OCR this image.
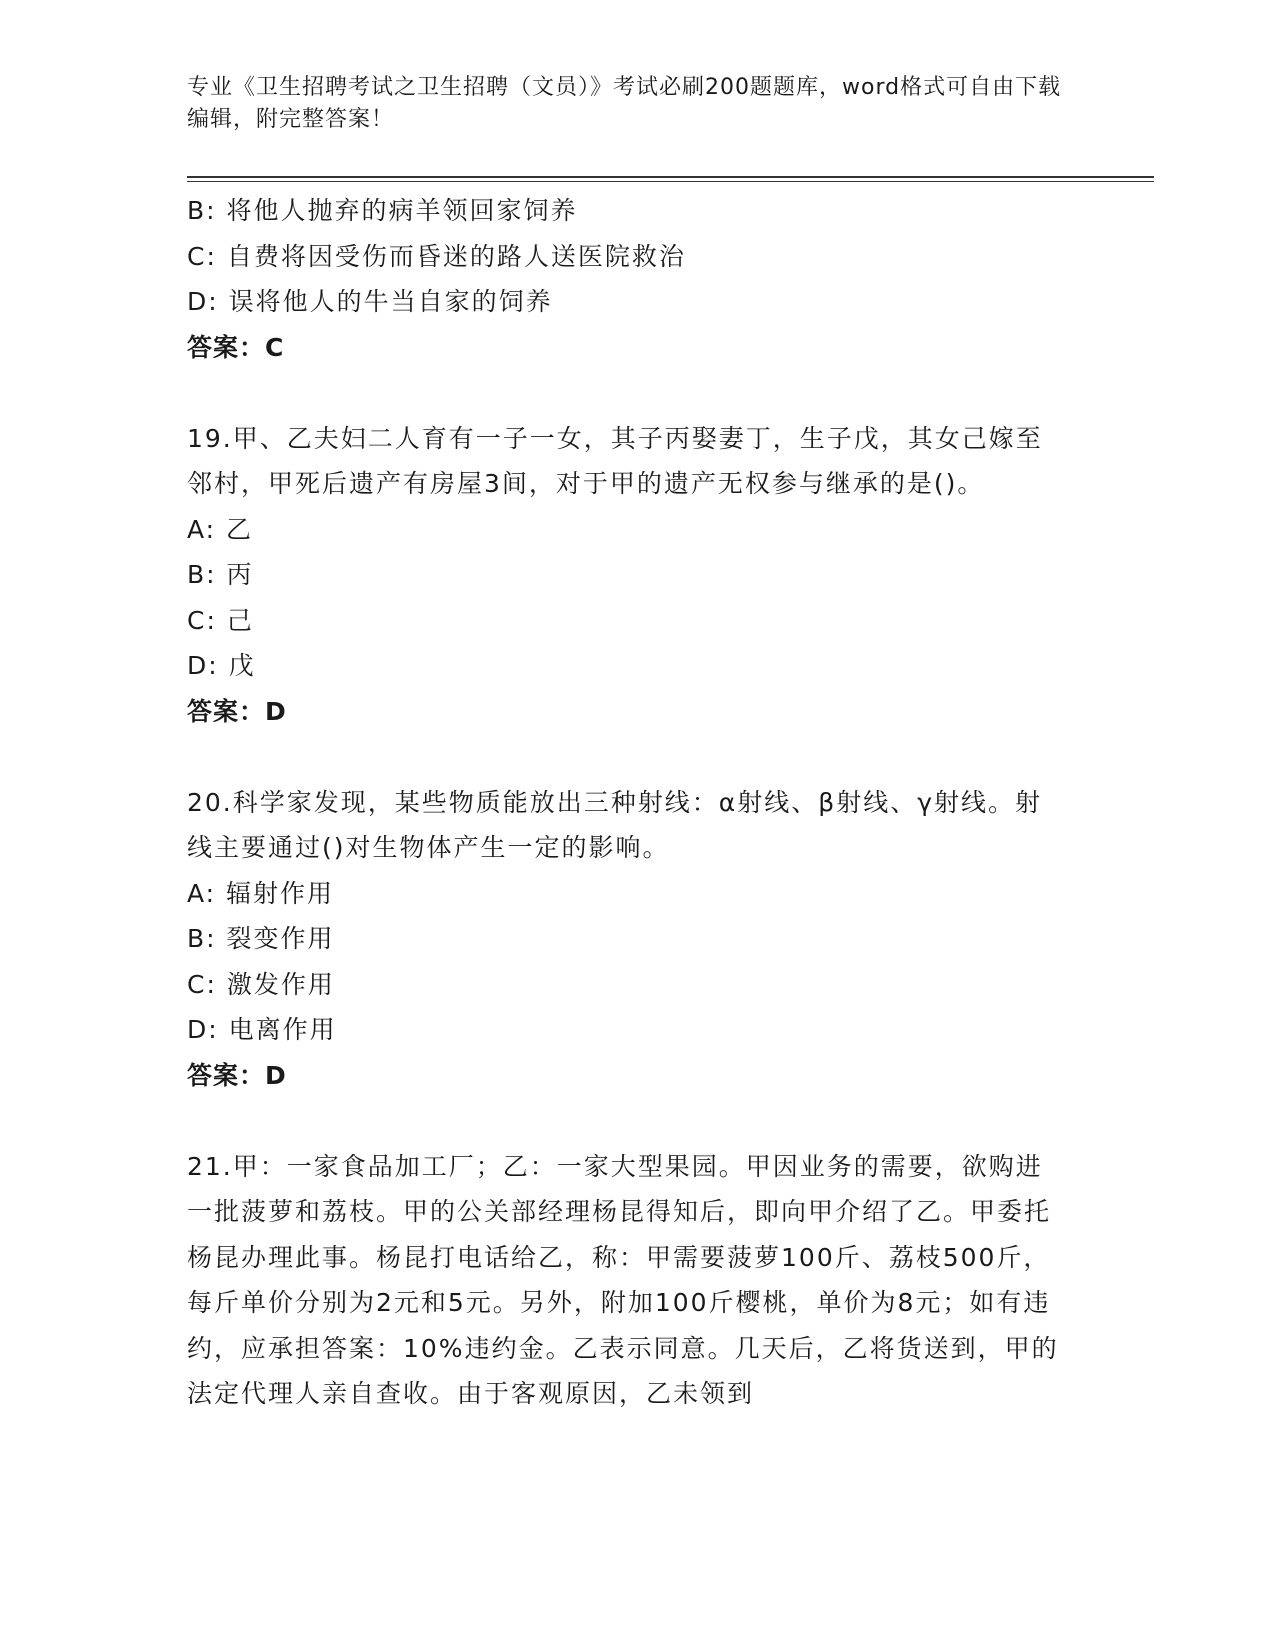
专业《卫生招聘考试之卫生招聘（文员）》考试必刷200题题库，word格式可自由下载编辑，附完整答案！
B: 将他人抛弃的病羊领回家饲养
C: 自费将因受伤而昏迷的路人送医院救治
D: 误将他人的牛当自家的饲养
答案：C
19.甲、乙夫妇二人育有一子一女，其子丙娶妻丁，生子戊，其女己嫁至邻村，甲死后遗产有房屋3间，对于甲的遗产无权参与继承的是()。
A: 乙
B: 丙
C: 己
D: 戊
答案：D
20.科学家发现，某些物质能放出三种射线：α射线、β射线、γ射线。射线主要通过()对生物体产生一定的影响。
A: 辐射作用
B: 裂变作用
C: 激发作用
D: 电离作用
答案：D
21.甲：一家食品加工厂；乙：一家大型果园。甲因业务的需要，欲购进一批菠萝和荔枝。甲的公关部经理杨昆得知后，即向甲介绍了乙。甲委托杨昆办理此事。杨昆打电话给乙，称：甲需要菠萝100斤、荔枝500斤，每斤单价分别为2元和5元。另外，附加100斤樱桃，单价为8元；如有违约，应承担答案：10%违约金。乙表示同意。几天后，乙将货送到，甲的法定代理人亲自查收。由于客观原因，乙未领到
